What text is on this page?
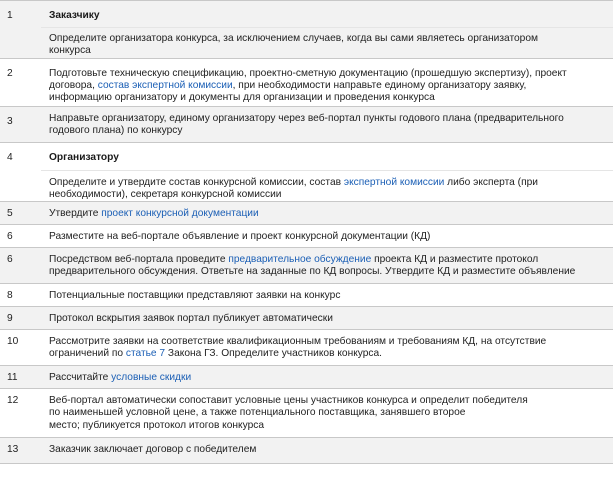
1	Заказчику
Определите организатора конкурса, за исключением случаев, когда вы сами являетесь организатором
конкурса

2	Подготовьте техническую спецификацию, проектно-сметную документацию (прошедшую экспертизу), проект
договора, состав экспертной комиссии, при необходимости направьте единому организатору заявку,
информацию организатору и документы для организации и проведения конкурса

3	Направьте организатору, единому организатору через веб-портал пункты годового плана (предварительного
годового плана) по конкурсу

4	Организатору
Определите и утвердите состав конкурсной комиссии, состав экспертной комиссии либо эксперта (при
необходимости), секретаря конкурсной комиссии

5	Утвердите проект конкурсной документации

6	Разместите на веб-портале объявление и проект конкурсной документации (КД)

6	Посредством веб-портала проведите предварительное обсуждение проекта КД и разместите протокол
предварительного обсуждения. Ответьте на заданные по КД вопросы. Утвердите КД и разместите объявление

8	Потенциальные поставщики представляют заявки на конкурс

9	Протокол вскрытия заявок портал публикует автоматически

10	Рассмотрите заявки на соответствие квалификационным требованиям и требованиям КД, на отсутствие
ограничений по статье 7 Закона ГЗ. Определите участников конкурса.

11	Рассчитайте условные скидки

12	Веб-портал автоматически сопоставит условные цены участников конкурса и определит победителя
по наименьшей условной цене, а также потенциального поставщика, занявшего второе
место; публикуется протокол итогов конкурса

13	Заказчик заключает договор с победителем
